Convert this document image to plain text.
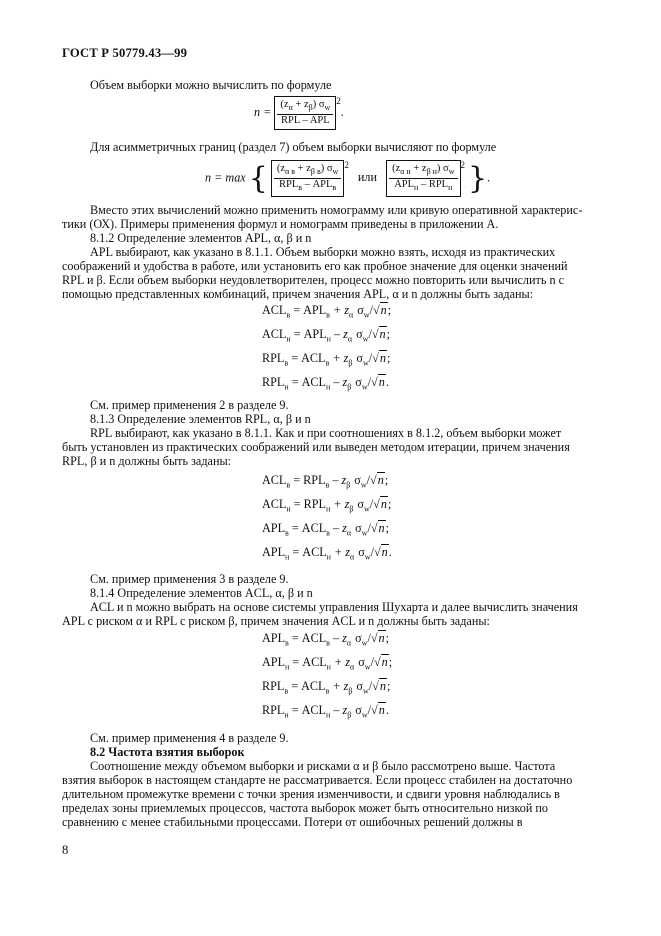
ГОСТ Р 50779.43—99
Объем выборки можно вычислить по формуле
$n = \frac{(z_\alpha + z_\beta) \sigma_w}{\text{RPL – APL}} ^2$.
Для асимметричных границ (раздел 7) объем выборки вычисляют по формуле
n = max { $\frac{(z_{\alpha в} + z_{\beta в}) \sigma_w}{RPL_в - APL_в} ^2$ или $\frac{(z_{\alpha н} + z_{\beta н}) \sigma_w}{APL_н - RPL_н} ^2$ }.
Вместо этих вычислений можно применить номограмму или кривую оперативной характерис-
тики (ОХ). Примеры применения формул и номограмм приведены в приложении А.
8.1.2 Определение элементов APL, α, β и n
APL выбирают, как указано в 8.1.1. Объем выборки можно взять, исходя из практических
соображений и удобства в работе, или установить его как пробное значение для оценки значений
RPL и β. Если объем выборки неудовлетворителен, процесс можно повторить или вычислить n с
помощью представленных комбинаций, причем значения APL, α и n должны быть заданы:
$ACL_в = APL_в + z_\alpha$ $\sigma_w/√n$;
$ACL_н = APL_н - z_\alpha$ $\sigma_w/√n$;
$RPL_в = ACL_в + z_\beta$ $\sigma_w/√n$;
$RPL_н = ACL_н - z_\beta$ $\sigma_w/√n$.
См. пример применения 2 в разделе 9.
8.1.3 Определение элементов RPL, α, β и n
RPL выбирают, как указано в 8.1.1. Как и при соотношениях в 8.1.2, объем выборки может
быть установлен из практических соображений или выведен методом итерации, причем значения
RPL, β и n должны быть заданы:
$ACL_в = RPL_в - z_\beta$ $\sigma_w/√n$;
$ACL_н = RPL_н + z_\beta$ $\sigma_w/√n$;
$APL_в = ACL_в - z_\alpha$ $\sigma_w/√n$;
$APL_н = ACL_н + z_\alpha$ $\sigma_w/√n$.
См. пример применения 3 в разделе 9.
8.1.4 Определение элементов ACL, α, β и n
ACL и n можно выбрать на основе системы управления Шухарта и далее вычислить значения
APL с риском α и RPL с риском β, причем значения ACL и n должны быть заданы:
$APL_в = ACL_в - z_\alpha$ $\sigma_w/√n$;
$APL_н = ACL_н + z_\alpha$ $\sigma_w/√n$;
$RPL_в = ACL_в + z_\beta$ $\sigma_w/√n$;
$RPL_н = ACL_н - z_\beta$ $\sigma_w/√n$.
См. пример применения 4 в разделе 9.
8.2 Частота взятия выборок
Соотношение между объемом выборки и рисками α и β было рассмотрено выше. Частота
взятия выборок в настоящем стандарте не рассматривается. Если процесс стабилен на достаточно
длительном промежутке времени с точки зрения изменчивости, и сдвиги уровня наблюдались в
пределах зоны приемлемых процессов, частота выборок может быть относительно низкой по
сравнению с менее стабильными процессами. Потери от ошибочных решений должны в
8
